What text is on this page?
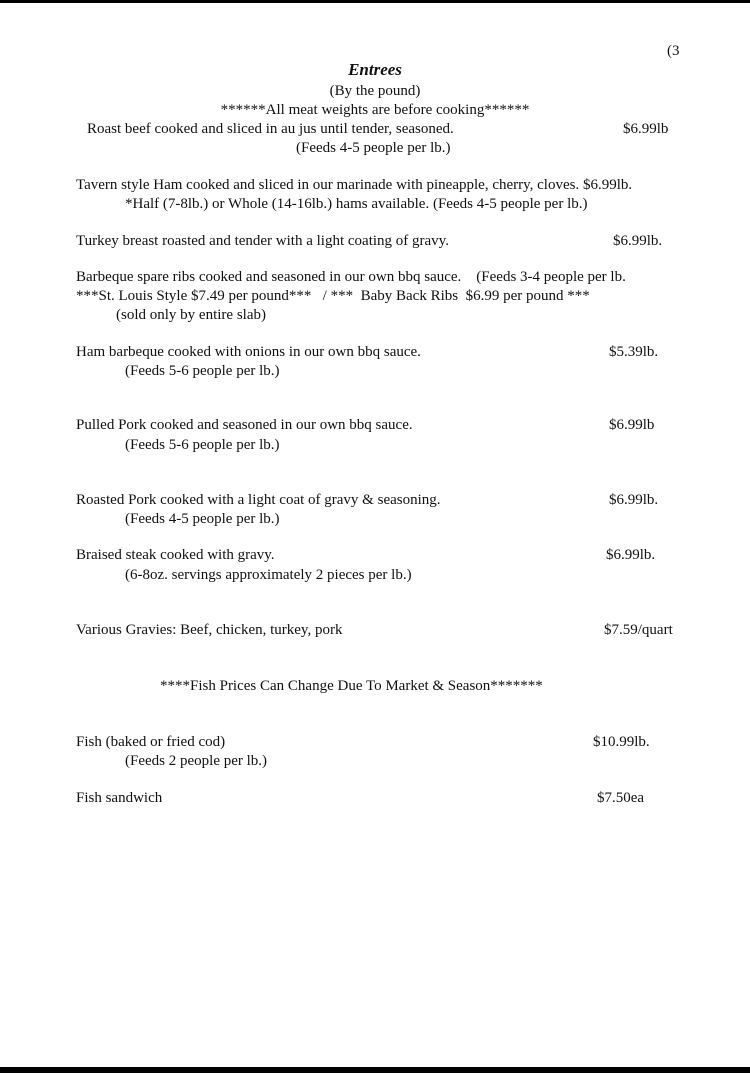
(3
Entrees
(By the pound)
******All meat weights are before cooking******
Roast beef cooked and sliced in au jus until tender, seasoned.	$6.99lb
(Feeds 4-5 people per lb.)
Tavern style Ham cooked and sliced in our marinade with pineapple, cherry, cloves. $6.99lb.
*Half (7-8lb.) or Whole (14-16lb.) hams available. (Feeds 4-5 people per lb.)
Turkey breast roasted and tender with a light coating of gravy.	$6.99lb.
Barbeque spare ribs cooked and seasoned in our own bbq sauce.    (Feeds 3-4 people per lb.
***St. Louis Style $7.49 per pound***   / ***  Baby Back Ribs  $6.99 per pound ***
(sold only by entire slab)
Ham barbeque cooked with onions in our own bbq sauce.	$5.39lb.
(Feeds 5-6 people per lb.)
Pulled Pork cooked and seasoned in our own bbq sauce.	$6.99lb
(Feeds 5-6 people per lb.)
Roasted Pork cooked with a light coat of gravy & seasoning.	$6.99lb.
(Feeds 4-5 people per lb.)
Braised steak cooked with gravy.	$6.99lb.
(6-8oz. servings approximately 2 pieces per lb.)
Various Gravies: Beef, chicken, turkey, pork	$7.59/quart
****Fish Prices Can Change Due To Market & Season*******
Fish (baked or fried cod)	$10.99lb.
(Feeds 2 people per lb.)
Fish sandwich	$7.50ea
